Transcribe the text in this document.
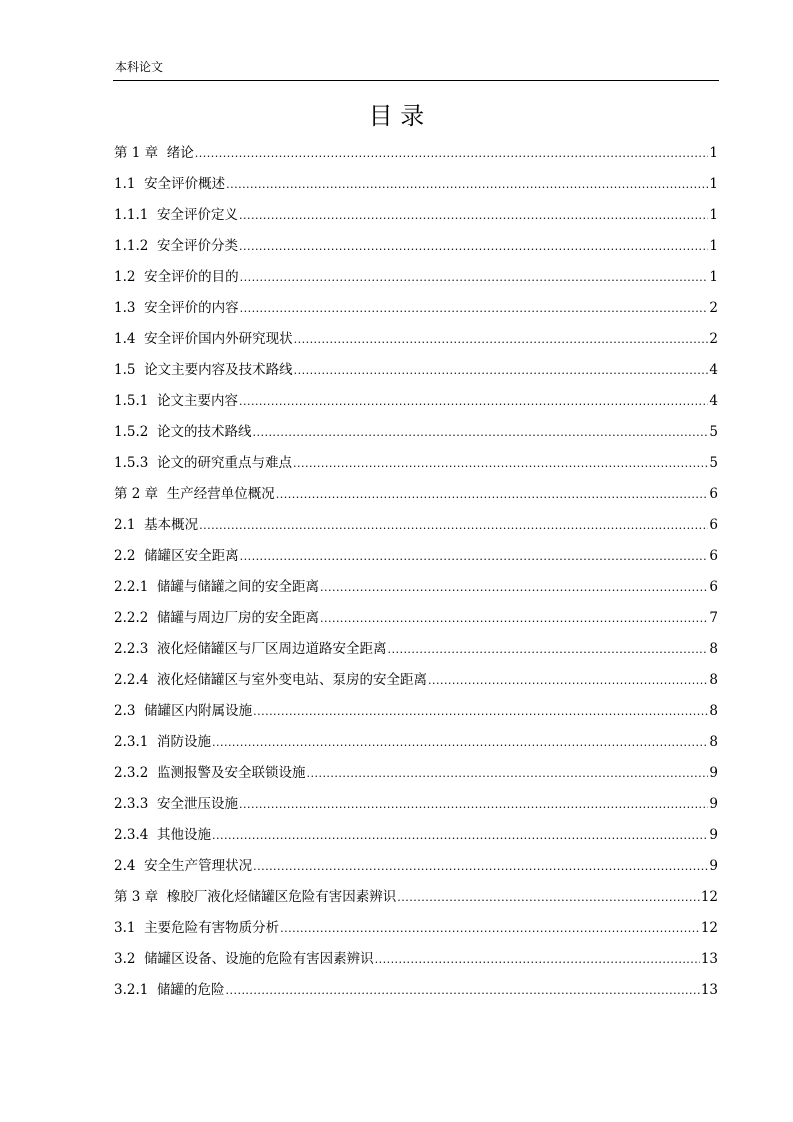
本科论文
目 录
第 1 章 绪论 .....	1
1.1 安全评价概述 .....	1
1.1.1 安全评价定义 .....	1
1.1.2 安全评价分类 .....	1
1.2 安全评价的目的 .....	1
1.3 安全评价的内容 .....	2
1.4 安全评价国内外研究现状 .....	2
1.5 论文主要内容及技术路线 .....	4
1.5.1 论文主要内容 .....	4
1.5.2 论文的技术路线 .....	5
1.5.3 论文的研究重点与难点 .....	5
第 2 章 生产经营单位概况 .....	6
2.1 基本概况 .....	6
2.2 储罐区安全距离 .....	6
2.2.1 储罐与储罐之间的安全距离 .....	6
2.2.2 储罐与周边厂房的安全距离 .....	7
2.2.3 液化烃储罐区与厂区周边道路安全距离 .....	8
2.2.4 液化烃储罐区与室外变电站、泵房的安全距离 .....	8
2.3 储罐区内附属设施 .....	8
2.3.1 消防设施 .....	8
2.3.2 监测报警及安全联锁设施 .....	9
2.3.3 安全泄压设施 .....	9
2.3.4 其他设施 .....	9
2.4 安全生产管理状况 .....	9
第 3 章 橡胶厂液化烃储罐区危险有害因素辨识 .....	12
3.1 主要危险有害物质分析 .....	12
3.2 储罐区设备、设施的危险有害因素辨识 .....	13
3.2.1 储罐的危险 .....	13
